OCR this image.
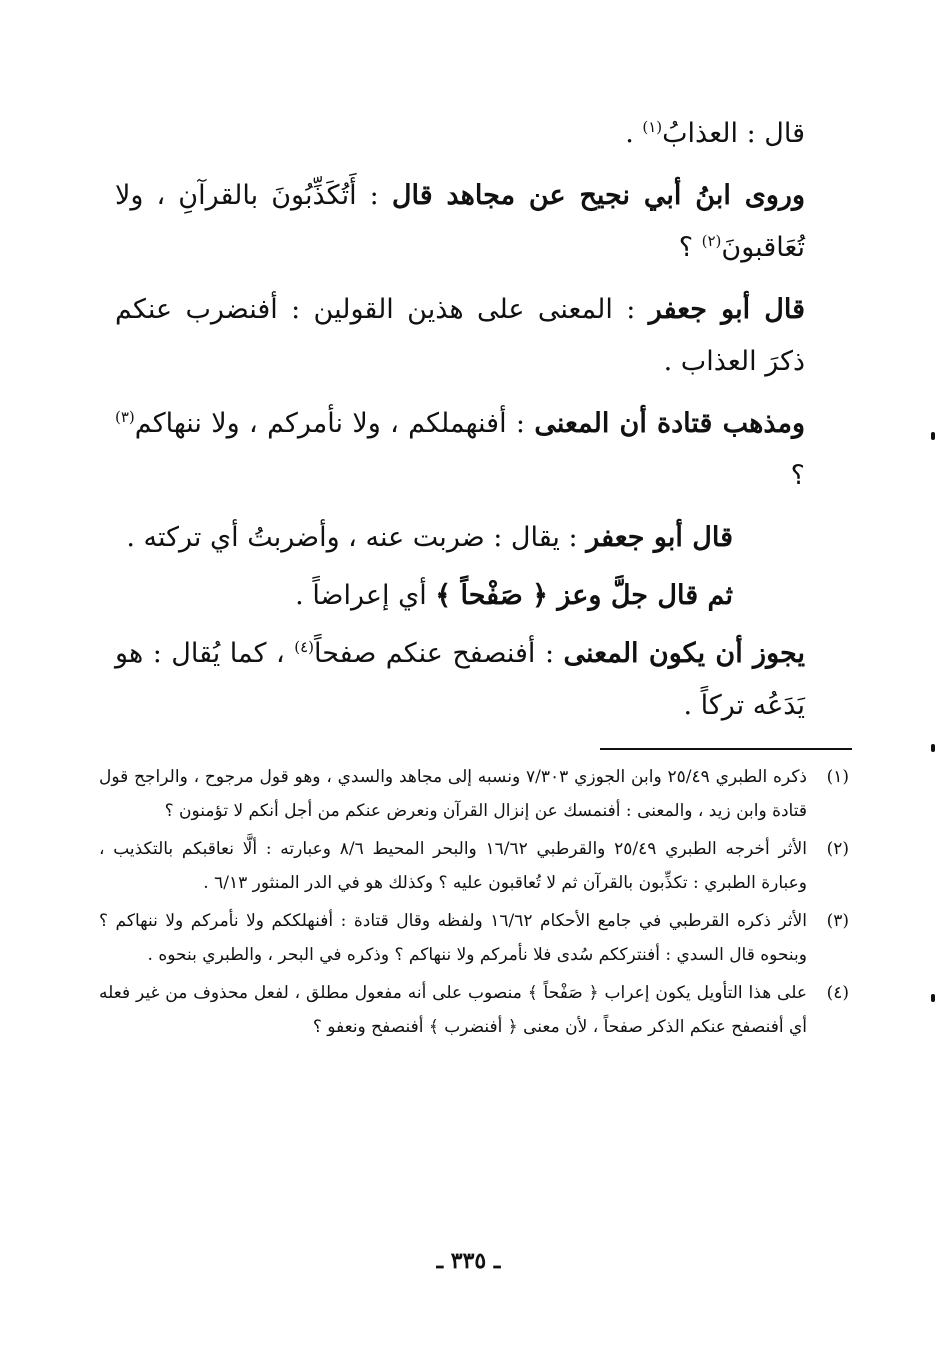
قال : العذابُ$^{(١)}$ .

وروى ابنُ أبي نجيح عن مجاهد قال : أَتُكَذِّبُونَ بالقرآنِ ، ولا تُعَاقبونَ$^{(٢)}$ ؟

قال أبو جعفر : المعنى على هذين القولين : أفنضرب عنكم ذكرَ العذاب .

ومذهب قتادة أن المعنى : أفنهملكم ، ولا نأمركم ، ولا ننهاكم$^{(٣)}$ ؟

قال أبو جعفر : يقال : ضربت عنه ، وأضربتُ أي تركته .

ثم قال جلَّ وعز ﴿ صَفْحاً ﴾ أي إعراضاً .

يجوز أن يكون المعنى : أفنصفح عنكم صفحاً$^{(٤)}$ ، كما يُقال : هو يَدَعُه تركاً .

(١)
ذكره الطبري ٢٥/٤٩ وابن الجوزي ٧/٣٠٣ ونسبه إلى مجاهد والسدي ، وهو قول مرجوح ، والراجح قول قتادة وابن زيد ، والمعنى : أفنمسك عن إنزال القرآن ونعرض عنكم من أجل أنكم لا تؤمنون ؟
(٢)
الأثر أخرجه الطبري ٢٥/٤٩ والقرطبي ١٦/٦٢ والبحر المحيط ٨/٦ وعبارته : ألَّا نعاقبكم بالتكذيب ، وعبارة الطبري : تكذِّبون بالقرآن ثم لا تُعاقبون عليه ؟ وكذلك هو في الدر المنثور ٦/١٣ .
(٣)
الأثر ذكره القرطبي في جامع الأحكام ١٦/٦٢ ولفظه وقال قتادة : أفنهلككم ولا نأمركم ولا ننهاكم ؟ وبنحوه قال السدي : أفنترككم سُدى فلا نأمركم ولا ننهاكم ؟ وذكره في البحر ، والطبري بنحوه .
(٤)
على هذا التأويل يكون إعراب ﴿ صَفْحاً ﴾ منصوب على أنه مفعول مطلق ، لفعل محذوف من غير فعله أي أفنصفح عنكم الذكر صفحاً ، لأن معنى ﴿ أفنضرب ﴾ أفنصفح ونعفو ؟
ـ ٣٣٥ ـ
